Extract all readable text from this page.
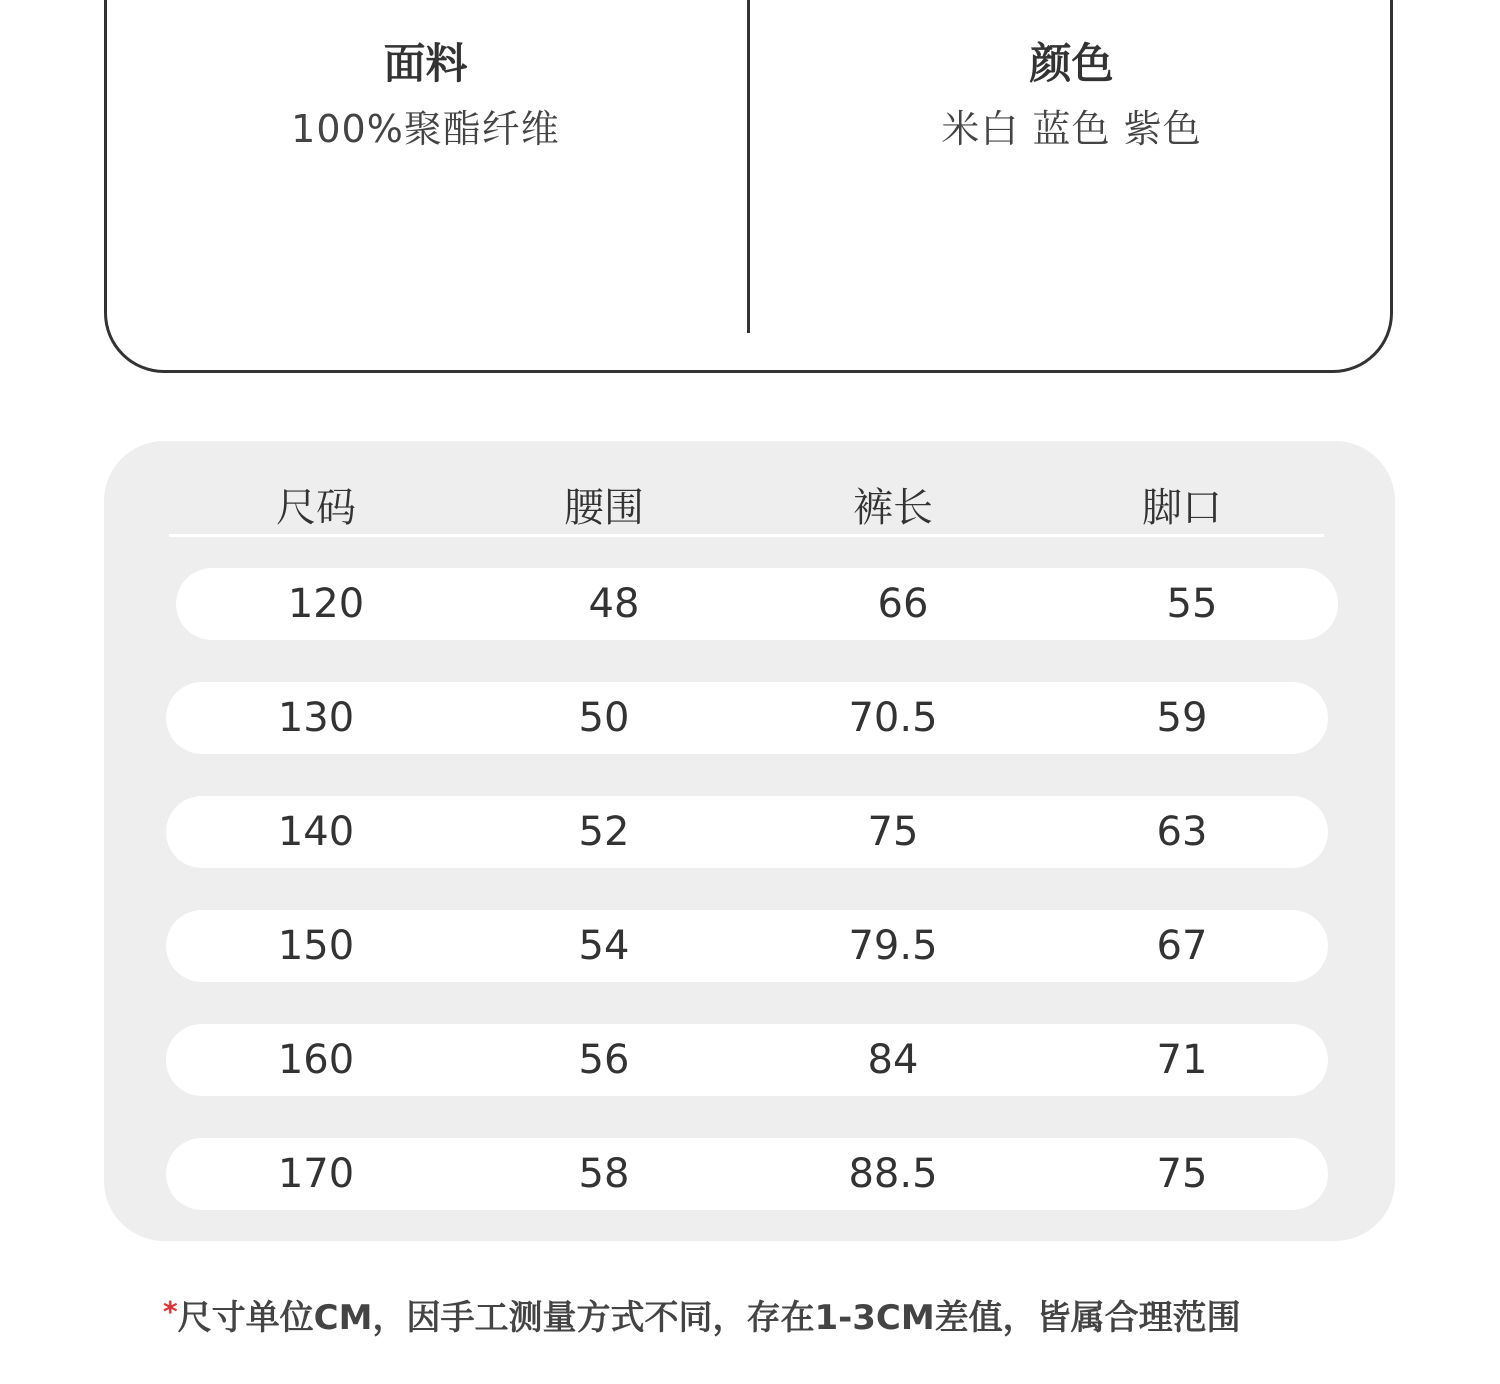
面料
100%聚酯纤维
颜色
米白 蓝色 紫色
尺码	腰围	裤长	脚口
120	48	66	55
130	50	70.5	59
140	52	75	63
150	54	79.5	67
160	56	84	71
170	58	88.5	75
*尺寸单位CM，因手工测量方式不同，存在1-3CM差值，皆属合理范围
